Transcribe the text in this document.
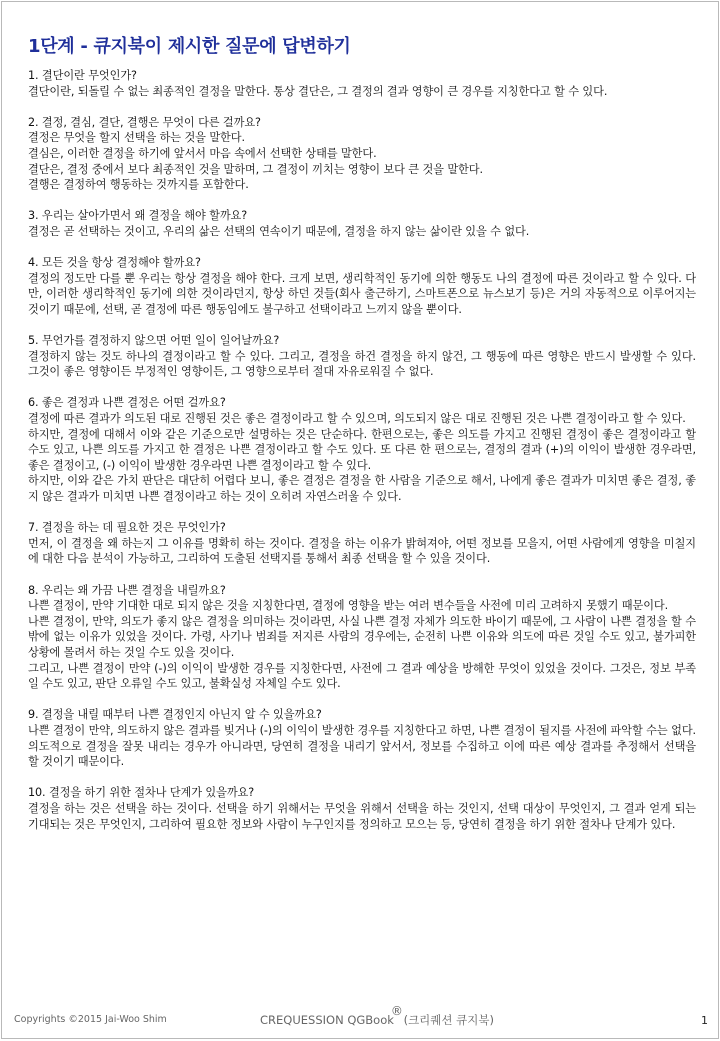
1단계 - 큐지북이 제시한 질문에 답변하기
1. 결단이란 무엇인가?
결단이란, 되돌릴 수 없는 최종적인 결정을 말한다. 통상 결단은, 그 결정의 결과 영향이 큰 경우를 지칭한다고 할 수 있다.
2. 결정, 결심, 결단, 결행은 무엇이 다른 걸까요?
결정은 무엇을 할지 선택을 하는 것을 말한다.
결심은, 이러한 결정을 하기에 앞서서 마음 속에서 선택한 상태를 말한다.
결단은, 결정 중에서 보다 최종적인 것을 말하며, 그 결정이 끼치는 영향이 보다 큰 것을 말한다.
결행은 결정하여 행동하는 것까지를 포함한다.
3. 우리는 살아가면서 왜 결정을 해야 할까요?
결정은 곧 선택하는 것이고, 우리의 삶은 선택의 연속이기 때문에, 결정을 하지 않는 삶이란 있을 수 없다.
4. 모든 것을 항상 결정해야 할까요?
결정의 정도만 다를 뿐 우리는 항상 결정을 해야 한다. 크게 보면, 생리학적인 동기에 의한 행동도 나의 결정에 따른 것이라고 할 수 있다. 다만, 이러한 생리학적인 동기에 의한 것이라던지, 항상 하던 것들(회사 출근하기, 스마트폰으로 뉴스보기 등)은 거의 자동적으로 이루어지는 것이기 때문에, 선택, 곧 결정에 따른 행동임에도 불구하고 선택이라고 느끼지 않을 뿐이다.
5. 무언가를 결정하지 않으면 어떤 일이 일어날까요?
결정하지 않는 것도 하나의 결정이라고 할 수 있다. 그리고, 결정을 하건 결정을 하지 않건, 그 행동에 따른 영향은 반드시 발생할 수 있다. 그것이 좋은 영향이든 부정적인 영향이든, 그 영향으로부터 절대 자유로워질 수 없다.
6. 좋은 결정과 나쁜 결정은 어떤 걸까요?
결정에 따른 결과가 의도된 대로 진행된 것은 좋은 결정이라고 할 수 있으며, 의도되지 않은 대로 진행된 것은 나쁜 결정이라고 할 수 있다.
하지만, 결정에 대해서 이와 같은 기준으로만 설명하는 것은 단순하다. 한편으로는, 좋은 의도를 가지고 진행된 결정이 좋은 결정이라고 할 수도 있고, 나쁜 의도를 가지고 한 결정은 나쁜 결정이라고 할 수도 있다. 또 다른 한 편으로는, 결정의 결과 (+)의 이익이 발생한 경우라면, 좋은 결정이고, (-) 이익이 발생한 경우라면 나쁜 결정이라고 할 수 있다.
하지만, 이와 같은 가치 판단은 대단히 어렵다 보니, 좋은 결정은 결정을 한 사람을 기준으로 해서, 나에게 좋은 결과가 미치면 좋은 결정, 좋지 않은 결과가 미치면 나쁜 결정이라고 하는 것이 오히려 자연스러울 수 있다.
7. 결정을 하는 데 필요한 것은 무엇인가?
먼저, 이 결정을 왜 하는지 그 이유를 명확히 하는 것이다. 결정을 하는 이유가 밝혀져야, 어떤 정보를 모을지, 어떤 사람에게 영향을 미칠지에 대한 다음 분석이 가능하고, 그리하여 도출된 선택지를 통해서 최종 선택을 할 수 있을 것이다.
8. 우리는 왜 가끔 나쁜 결정을 내릴까요?
나쁜 결정이, 만약 기대한 대로 되지 않은 것을 지칭한다면, 결정에 영향을 받는 여러 변수들을 사전에 미리 고려하지 못했기 때문이다.
나쁜 결정이, 만약, 의도가 좋지 않은 결정을 의미하는 것이라면, 사실 나쁜 결정 자체가 의도한 바이기 때문에, 그 사람이 나쁜 결정을 할 수 밖에 없는 이유가 있었을 것이다. 가령, 사기나 범죄를 저지른 사람의 경우에는, 순전히 나쁜 이유와 의도에 따른 것일 수도 있고, 불가피한 상황에 몰려서 하는 것일 수도 있을 것이다.
그리고, 나쁜 결정이 만약 (-)의 이익이 발생한 경우를 지칭한다면, 사전에 그 결과 예상을 방해한 무엇이 있었을 것이다. 그것은, 정보 부족일 수도 있고, 판단 오류일 수도 있고, 불확실성 자체일 수도 있다.
9. 결정을 내릴 때부터 나쁜 결정인지 아닌지 알 수 있을까요?
나쁜 결정이 만약, 의도하지 않은 결과를 빚거나 (-)의 이익이 발생한 경우를 지칭한다고 하면, 나쁜 결정이 될지를 사전에 파악할 수는 없다. 의도적으로 결정을 잘못 내리는 경우가 아니라면, 당연히 결정을 내리기 앞서서, 정보를 수집하고 이에 따른 예상 결과를 추정해서 선택을 할 것이기 때문이다.
10. 결정을 하기 위한 절차나 단계가 있을까요?
결정을 하는 것은 선택을 하는 것이다. 선택을 하기 위해서는 무엇을 위해서 선택을 하는 것인지, 선택 대상이 무엇인지, 그 결과 얻게 되는 기대되는 것은 무엇인지, 그리하여 필요한 정보와 사람이 누구인지를 정의하고 모으는 등, 당연히 결정을 하기 위한 절차나 단계가 있다.
Copyrights ©2015 Jai-Woo Shim	CREQUESSION QGBook® (크리퀘션 큐지북)	1
